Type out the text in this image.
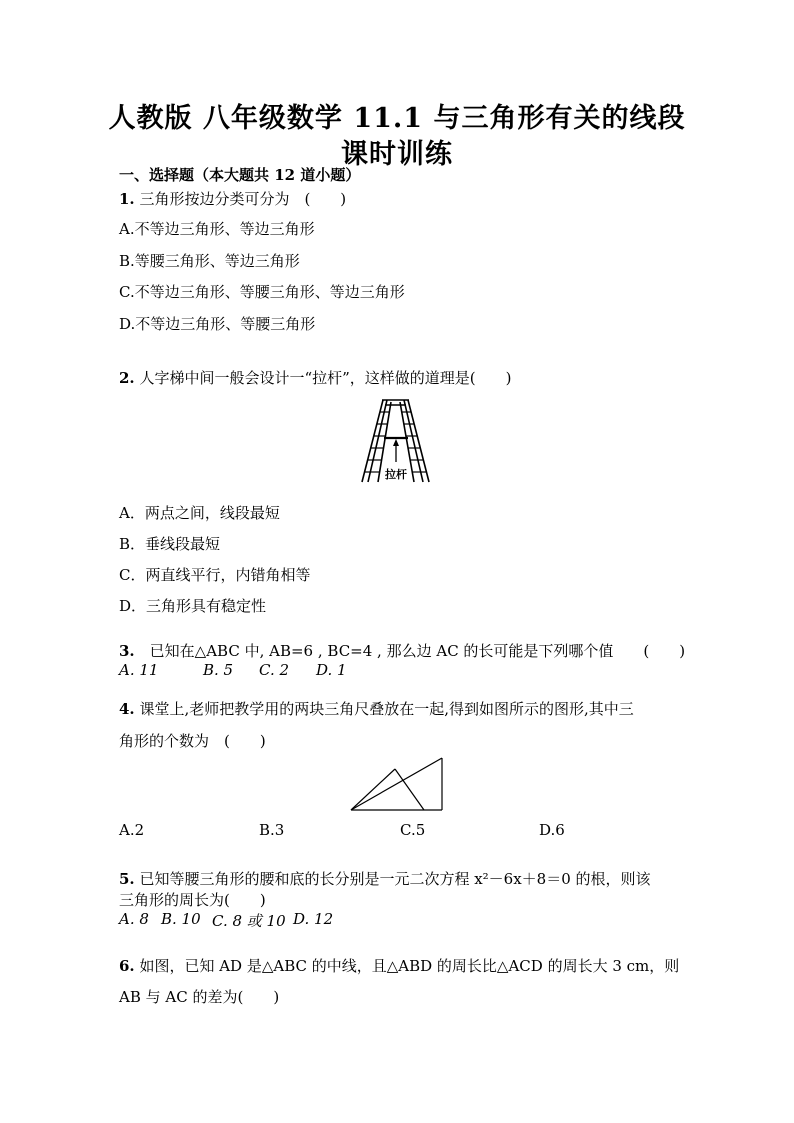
人教版 八年级数学 11.1 与三角形有关的线段
课时训练
一、选择题（本大题共 12 道小题）
1. 三角形按边分类可分为　(　　)
A.不等边三角形、等边三角形
B.等腰三角形、等边三角形
C.不等边三角形、等腰三角形、等边三角形
D.不等边三角形、等腰三角形
2. 人字梯中间一般会设计一“拉杆”，这样做的道理是(　　)
拉杆
A．两点之间，线段最短
B．垂线段最短
C．两直线平行，内错角相等
D．三角形具有稳定性
3.　已知在△ABC 中, AB=6 , BC=4 , 那么边 AC 的长可能是下列哪个值　　(　　)
A. 11	B. 5 C. 2 D. 1
4. 课堂上,老师把教学用的两块三角尺叠放在一起,得到如图所示的图形,其中三
角形的个数为　(　　)
A.2	B.3	C.5	D.6
5. 已知等腰三角形的腰和底的长分别是一元二次方程 x²－6x＋8＝0 的根，则该
三角形的周长为(　　)
A. 8 B. 10 C. 8 或 10 D. 12
6. 如图，已知 AD 是△ABC 的中线，且△ABD 的周长比△ACD 的周长大 3 cm，则
AB 与 AC 的差为(　　)
